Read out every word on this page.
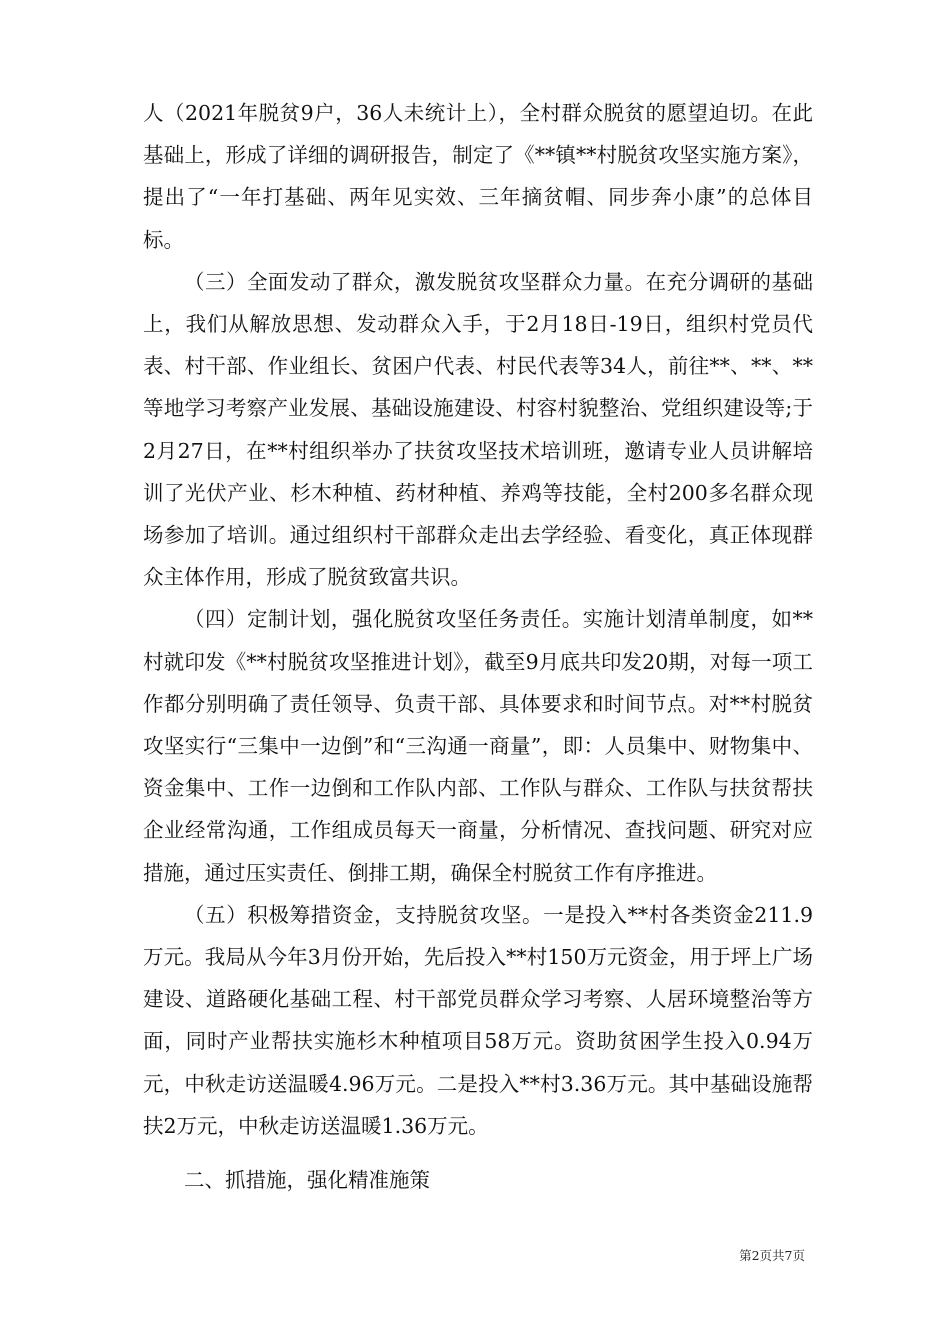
人（2021年脱贫9户，36人未统计上），全村群众脱贫的愿望迫切。在此基础上，形成了详细的调研报告，制定了《**镇**村脱贫攻坚实施方案》，提出了“一年打基础、两年见实效、三年摘贫帽、同步奔小康”的总体目标。

（三）全面发动了群众，激发脱贫攻坚群众力量。在充分调研的基础上，我们从解放思想、发动群众入手，于2月18日-19日，组织村党员代表、村干部、作业组长、贫困户代表、村民代表等34人，前往**、**、**等地学习考察产业发展、基础设施建设、村容村貌整治、党组织建设等;于2月27日，在**村组织举办了扶贫攻坚技术培训班，邀请专业人员讲解培训了光伏产业、杉木种植、药材种植、养鸡等技能，全村200多名群众现场参加了培训。通过组织村干部群众走出去学经验、看变化，真正体现群众主体作用，形成了脱贫致富共识。

（四）定制计划，强化脱贫攻坚任务责任。实施计划清单制度，如**村就印发《**村脱贫攻坚推进计划》，截至9月底共印发20期，对每一项工作都分别明确了责任领导、负责干部、具体要求和时间节点。对**村脱贫攻坚实行“三集中一边倒”和“三沟通一商量”，即：人员集中、财物集中、资金集中、工作一边倒和工作队内部、工作队与群众、工作队与扶贫帮扶企业经常沟通，工作组成员每天一商量，分析情况、查找问题、研究对应措施，通过压实责任、倒排工期，确保全村脱贫工作有序推进。

（五）积极筹措资金，支持脱贫攻坚。一是投入**村各类资金211.9万元。我局从今年3月份开始，先后投入**村150万元资金，用于坪上广场建设、道路硬化基础工程、村干部党员群众学习考察、人居环境整治等方面，同时产业帮扶实施杉木种植项目58万元。资助贫困学生投入0.94万元，中秋走访送温暖4.96万元。二是投入**村3.36万元。其中基础设施帮扶2万元，中秋走访送温暖1.36万元。

二、抓措施，强化精准施策

第2页共7页
